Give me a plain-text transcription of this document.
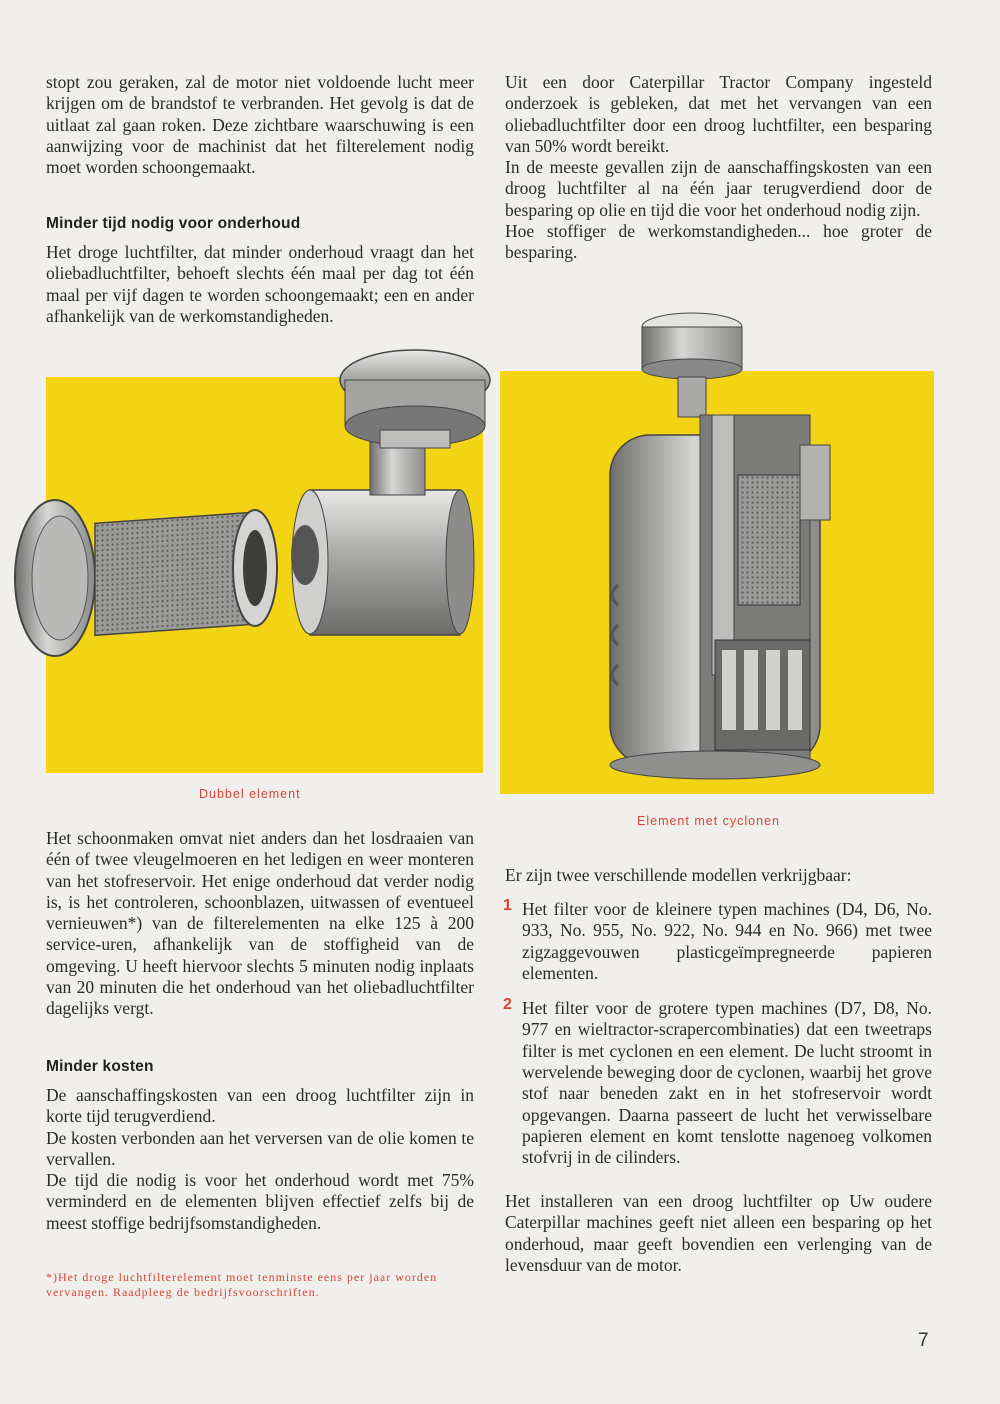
stopt zou geraken, zal de motor niet voldoende lucht meer krijgen om de brandstof te verbranden. Het gevolg is dat de uitlaat zal gaan roken. Deze zichtbare waarschuwing is een aanwijzing voor de machinist dat het filterelement nodig moet worden schoongemaakt.

Minder tijd nodig voor onderhoud

Het droge luchtfilter, dat minder onderhoud vraagt dan het oliebadluchtfilter, behoeft slechts één maal per dag tot één maal per vijf dagen te worden schoongemaakt; een en ander afhankelijk van de werkomstandigheden.

Uit een door Caterpillar Tractor Company ingesteld onderzoek is gebleken, dat met het vervangen van een oliebadluchtfilter door een droog luchtfilter, een besparing van 50% wordt bereikt.

In de meeste gevallen zijn de aanschaffingskosten van een droog luchtfilter al na één jaar terugverdiend door de besparing op olie en tijd die voor het onderhoud nodig zijn.

Hoe stoffiger de werkomstandigheden... hoe groter de besparing.

Dubbel element
Element met cyclonen

Het schoonmaken omvat niet anders dan het losdraaien van één of twee vleugelmoeren en het ledigen en weer monteren van het stofreservoir. Het enige onderhoud dat verder nodig is, is het controleren, schoonblazen, uitwassen of eventueel vernieuwen*) van de filterelementen na elke 125 à 200 service-uren, afhankelijk van de stoffigheid van de omgeving. U heeft hiervoor slechts 5 minuten nodig inplaats van 20 minuten die het onderhoud van het oliebadluchtfilter dagelijks vergt.

Minder kosten

De aanschaffingskosten van een droog luchtfilter zijn in korte tijd terugverdiend.

De kosten verbonden aan het verversen van de olie komen te vervallen.

De tijd die nodig is voor het onderhoud wordt met 75% verminderd en de elementen blijven effectief zelfs bij de meest stoffige bedrijfsomstandigheden.

*)Het droge luchtfilterelement moet tenminste eens per jaar worden vervangen. Raadpleeg de bedrijfsvoorschriften.

Er zijn twee verschillende modellen verkrijgbaar:

1 Het filter voor de kleinere typen machines (D4, D6, No. 933, No. 955, No. 922, No. 944 en No. 966) met twee zigzaggevouwen plasticgeïmpregneerde papieren elementen.

2 Het filter voor de grotere typen machines (D7, D8, No. 977 en wieltractor-scrapercombinaties) dat een tweetraps filter is met cyclonen en een element. De lucht stroomt in wervelende beweging door de cyclonen, waarbij het grove stof naar beneden zakt en in het stofreservoir wordt opgevangen. Daarna passeert de lucht het verwisselbare papieren element en komt tenslotte nagenoeg volkomen stofvrij in de cilinders.

Het installeren van een droog luchtfilter op Uw oudere Caterpillar machines geeft niet alleen een besparing op het onderhoud, maar geeft bovendien een verlenging van de levensduur van de motor.

7
